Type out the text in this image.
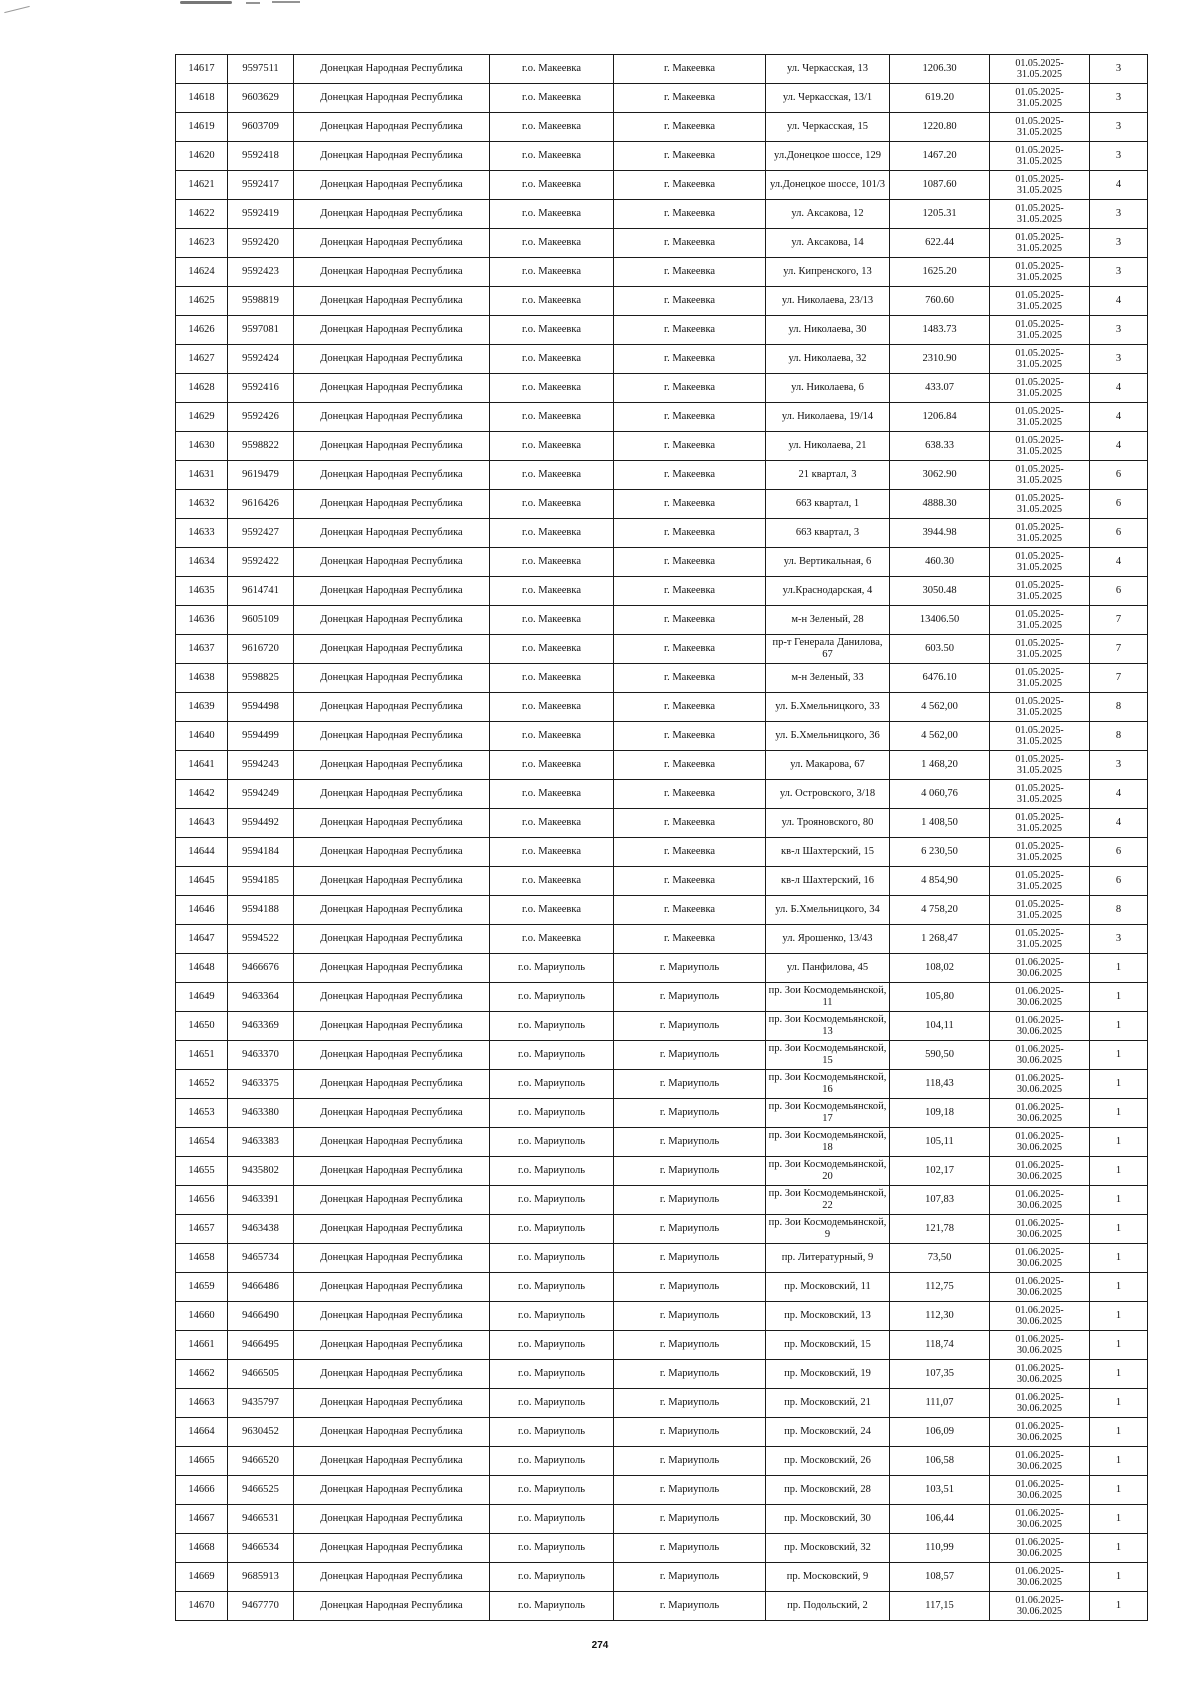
14617	9597511	Донецкая Народная Республика	г.о. Макеевка	г. Макеевка	ул. Черкасская, 13	1206.30	01.05.2025- 31.05.2025	3
14618	9603629	Донецкая Народная Республика	г.о. Макеевка	г. Макеевка	ул. Черкасская, 13/1	619.20	01.05.2025- 31.05.2025	3
14619	9603709	Донецкая Народная Республика	г.о. Макеевка	г. Макеевка	ул. Черкасская, 15	1220.80	01.05.2025- 31.05.2025	3
14620	9592418	Донецкая Народная Республика	г.о. Макеевка	г. Макеевка	ул.Донецкое шоссе, 129	1467.20	01.05.2025- 31.05.2025	3
14621	9592417	Донецкая Народная Республика	г.о. Макеевка	г. Макеевка	ул.Донецкое шоссе, 101/3	1087.60	01.05.2025- 31.05.2025	4
14622	9592419	Донецкая Народная Республика	г.о. Макеевка	г. Макеевка	ул. Аксакова, 12	1205.31	01.05.2025- 31.05.2025	3
14623	9592420	Донецкая Народная Республика	г.о. Макеевка	г. Макеевка	ул. Аксакова, 14	622.44	01.05.2025- 31.05.2025	3
14624	9592423	Донецкая Народная Республика	г.о. Макеевка	г. Макеевка	ул. Кипренского, 13	1625.20	01.05.2025- 31.05.2025	3
14625	9598819	Донецкая Народная Республика	г.о. Макеевка	г. Макеевка	ул. Николаева, 23/13	760.60	01.05.2025- 31.05.2025	4
14626	9597081	Донецкая Народная Республика	г.о. Макеевка	г. Макеевка	ул. Николаева, 30	1483.73	01.05.2025- 31.05.2025	3
14627	9592424	Донецкая Народная Республика	г.о. Макеевка	г. Макеевка	ул. Николаева, 32	2310.90	01.05.2025- 31.05.2025	3
14628	9592416	Донецкая Народная Республика	г.о. Макеевка	г. Макеевка	ул. Николаева, 6	433.07	01.05.2025- 31.05.2025	4
14629	9592426	Донецкая Народная Республика	г.о. Макеевка	г. Макеевка	ул. Николаева, 19/14	1206.84	01.05.2025- 31.05.2025	4
14630	9598822	Донецкая Народная Республика	г.о. Макеевка	г. Макеевка	ул. Николаева, 21	638.33	01.05.2025- 31.05.2025	4
14631	9619479	Донецкая Народная Республика	г.о. Макеевка	г. Макеевка	21 квартал, 3	3062.90	01.05.2025- 31.05.2025	6
14632	9616426	Донецкая Народная Республика	г.о. Макеевка	г. Макеевка	663 квартал, 1	4888.30	01.05.2025- 31.05.2025	6
14633	9592427	Донецкая Народная Республика	г.о. Макеевка	г. Макеевка	663 квартал, 3	3944.98	01.05.2025- 31.05.2025	6
14634	9592422	Донецкая Народная Республика	г.о. Макеевка	г. Макеевка	ул. Вертикальная, 6	460.30	01.05.2025- 31.05.2025	4
14635	9614741	Донецкая Народная Республика	г.о. Макеевка	г. Макеевка	ул.Краснодарская, 4	3050.48	01.05.2025- 31.05.2025	6
14636	9605109	Донецкая Народная Республика	г.о. Макеевка	г. Макеевка	м-н Зеленый, 28	13406.50	01.05.2025- 31.05.2025	7
14637	9616720	Донецкая Народная Республика	г.о. Макеевка	г. Макеевка	пр-т Генерала Данилова, 67	603.50	01.05.2025- 31.05.2025	7
14638	9598825	Донецкая Народная Республика	г.о. Макеевка	г. Макеевка	м-н Зеленый, 33	6476.10	01.05.2025- 31.05.2025	7
14639	9594498	Донецкая Народная Республика	г.о. Макеевка	г. Макеевка	ул. Б.Хмельницкого, 33	4 562,00	01.05.2025- 31.05.2025	8
14640	9594499	Донецкая Народная Республика	г.о. Макеевка	г. Макеевка	ул. Б.Хмельницкого, 36	4 562,00	01.05.2025- 31.05.2025	8
14641	9594243	Донецкая Народная Республика	г.о. Макеевка	г. Макеевка	ул. Макарова, 67	1 468,20	01.05.2025- 31.05.2025	3
14642	9594249	Донецкая Народная Республика	г.о. Макеевка	г. Макеевка	ул. Островского, 3/18	4 060,76	01.05.2025- 31.05.2025	4
14643	9594492	Донецкая Народная Республика	г.о. Макеевка	г. Макеевка	ул. Трояновского, 80	1 408,50	01.05.2025- 31.05.2025	4
14644	9594184	Донецкая Народная Республика	г.о. Макеевка	г. Макеевка	кв-л Шахтерский, 15	6 230,50	01.05.2025- 31.05.2025	6
14645	9594185	Донецкая Народная Республика	г.о. Макеевка	г. Макеевка	кв-л Шахтерский, 16	4 854,90	01.05.2025- 31.05.2025	6
14646	9594188	Донецкая Народная Республика	г.о. Макеевка	г. Макеевка	ул. Б.Хмельницкого, 34	4 758,20	01.05.2025- 31.05.2025	8
14647	9594522	Донецкая Народная Республика	г.о. Макеевка	г. Макеевка	ул. Ярошенко, 13/43	1 268,47	01.05.2025- 31.05.2025	3
14648	9466676	Донецкая Народная Республика	г.о. Мариуполь	г. Мариуполь	ул. Панфилова, 45	108,02	01.06.2025- 30.06.2025	1
14649	9463364	Донецкая Народная Республика	г.о. Мариуполь	г. Мариуполь	пр. Зои Космодемьянской, 11	105,80	01.06.2025- 30.06.2025	1
14650	9463369	Донецкая Народная Республика	г.о. Мариуполь	г. Мариуполь	пр. Зои Космодемьянской, 13	104,11	01.06.2025- 30.06.2025	1
14651	9463370	Донецкая Народная Республика	г.о. Мариуполь	г. Мариуполь	пр. Зои Космодемьянской, 15	590,50	01.06.2025- 30.06.2025	1
14652	9463375	Донецкая Народная Республика	г.о. Мариуполь	г. Мариуполь	пр. Зои Космодемьянской, 16	118,43	01.06.2025- 30.06.2025	1
14653	9463380	Донецкая Народная Республика	г.о. Мариуполь	г. Мариуполь	пр. Зои Космодемьянской, 17	109,18	01.06.2025- 30.06.2025	1
14654	9463383	Донецкая Народная Республика	г.о. Мариуполь	г. Мариуполь	пр. Зои Космодемьянской, 18	105,11	01.06.2025- 30.06.2025	1
14655	9435802	Донецкая Народная Республика	г.о. Мариуполь	г. Мариуполь	пр. Зои Космодемьянской, 20	102,17	01.06.2025- 30.06.2025	1
14656	9463391	Донецкая Народная Республика	г.о. Мариуполь	г. Мариуполь	пр. Зои Космодемьянской, 22	107,83	01.06.2025- 30.06.2025	1
14657	9463438	Донецкая Народная Республика	г.о. Мариуполь	г. Мариуполь	пр. Зои Космодемьянской, 9	121,78	01.06.2025- 30.06.2025	1
14658	9465734	Донецкая Народная Республика	г.о. Мариуполь	г. Мариуполь	пр. Литературный, 9	73,50	01.06.2025- 30.06.2025	1
14659	9466486	Донецкая Народная Республика	г.о. Мариуполь	г. Мариуполь	пр. Московский, 11	112,75	01.06.2025- 30.06.2025	1
14660	9466490	Донецкая Народная Республика	г.о. Мариуполь	г. Мариуполь	пр. Московский, 13	112,30	01.06.2025- 30.06.2025	1
14661	9466495	Донецкая Народная Республика	г.о. Мариуполь	г. Мариуполь	пр. Московский, 15	118,74	01.06.2025- 30.06.2025	1
14662	9466505	Донецкая Народная Республика	г.о. Мариуполь	г. Мариуполь	пр. Московский, 19	107,35	01.06.2025- 30.06.2025	1
14663	9435797	Донецкая Народная Республика	г.о. Мариуполь	г. Мариуполь	пр. Московский, 21	111,07	01.06.2025- 30.06.2025	1
14664	9630452	Донецкая Народная Республика	г.о. Мариуполь	г. Мариуполь	пр. Московский, 24	106,09	01.06.2025- 30.06.2025	1
14665	9466520	Донецкая Народная Республика	г.о. Мариуполь	г. Мариуполь	пр. Московский, 26	106,58	01.06.2025- 30.06.2025	1
14666	9466525	Донецкая Народная Республика	г.о. Мариуполь	г. Мариуполь	пр. Московский, 28	103,51	01.06.2025- 30.06.2025	1
14667	9466531	Донецкая Народная Республика	г.о. Мариуполь	г. Мариуполь	пр. Московский, 30	106,44	01.06.2025- 30.06.2025	1
14668	9466534	Донецкая Народная Республика	г.о. Мариуполь	г. Мариуполь	пр. Московский, 32	110,99	01.06.2025- 30.06.2025	1
14669	9685913	Донецкая Народная Республика	г.о. Мариуполь	г. Мариуполь	пр. Московский, 9	108,57	01.06.2025- 30.06.2025	1
14670	9467770	Донецкая Народная Республика	г.о. Мариуполь	г. Мариуполь	пр. Подольский, 2	117,15	01.06.2025- 30.06.2025	1
274
